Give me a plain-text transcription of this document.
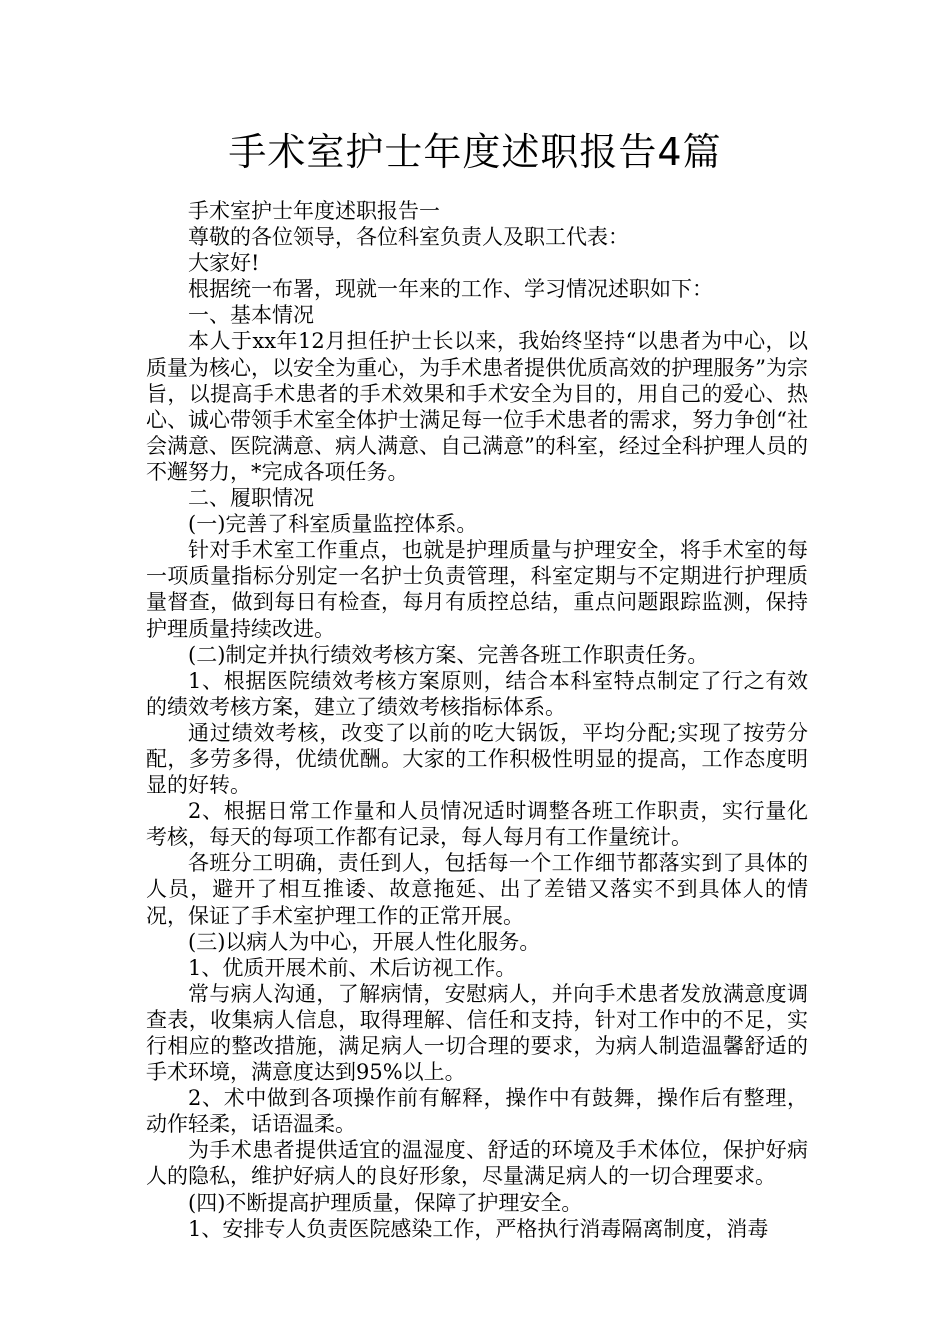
手术室护士年度述职报告4篇

手术室护士年度述职报告一

尊敬的各位领导，各位科室负责人及职工代表：

大家好!

根据统一布署，现就一年来的工作、学习情况述职如下：

一、基本情况

本人于xx年12月担任护士长以来，我始终坚持“以患者为中心，以质量为核心，以安全为重心，为手术患者提供优质高效的护理服务”为宗旨，以提高手术患者的手术效果和手术安全为目的，用自己的爱心、热心、诚心带领手术室全体护士满足每一位手术患者的需求，努力争创“社会满意、医院满意、病人满意、自己满意”的科室，经过全科护理人员的不邂努力，*完成各项任务。

二、履职情况

(一)完善了科室质量监控体系。

针对手术室工作重点，也就是护理质量与护理安全，将手术室的每一项质量指标分别定一名护士负责管理，科室定期与不定期进行护理质量督查，做到每日有检查，每月有质控总结，重点问题跟踪监测，保持护理质量持续改进。

(二)制定并执行绩效考核方案、完善各班工作职责任务。

1、根据医院绩效考核方案原则，结合本科室特点制定了行之有效的绩效考核方案，建立了绩效考核指标体系。

通过绩效考核，改变了以前的吃大锅饭，平均分配;实现了按劳分配，多劳多得，优绩优酬。大家的工作积极性明显的提高，工作态度明显的好转。

2、根据日常工作量和人员情况适时调整各班工作职责，实行量化考核，每天的每项工作都有记录，每人每月有工作量统计。

各班分工明确，责任到人，包括每一个工作细节都落实到了具体的人员，避开了相互推诿、故意拖延、出了差错又落实不到具体人的情况，保证了手术室护理工作的正常开展。

(三)以病人为中心，开展人性化服务。

1、优质开展术前、术后访视工作。

常与病人沟通，了解病情，安慰病人，并向手术患者发放满意度调查表，收集病人信息，取得理解、信任和支持，针对工作中的不足，实行相应的整改措施，满足病人一切合理的要求，为病人制造温馨舒适的手术环境，满意度达到95%以上。

2、术中做到各项操作前有解释，操作中有鼓舞，操作后有整理，动作轻柔，话语温柔。

为手术患者提供适宜的温湿度、舒适的环境及手术体位，保护好病人的隐私，维护好病人的良好形象，尽量满足病人的一切合理要求。

(四)不断提高护理质量，保障了护理安全。

1、安排专人负责医院感染工作，严格执行消毒隔离制度，消毒
